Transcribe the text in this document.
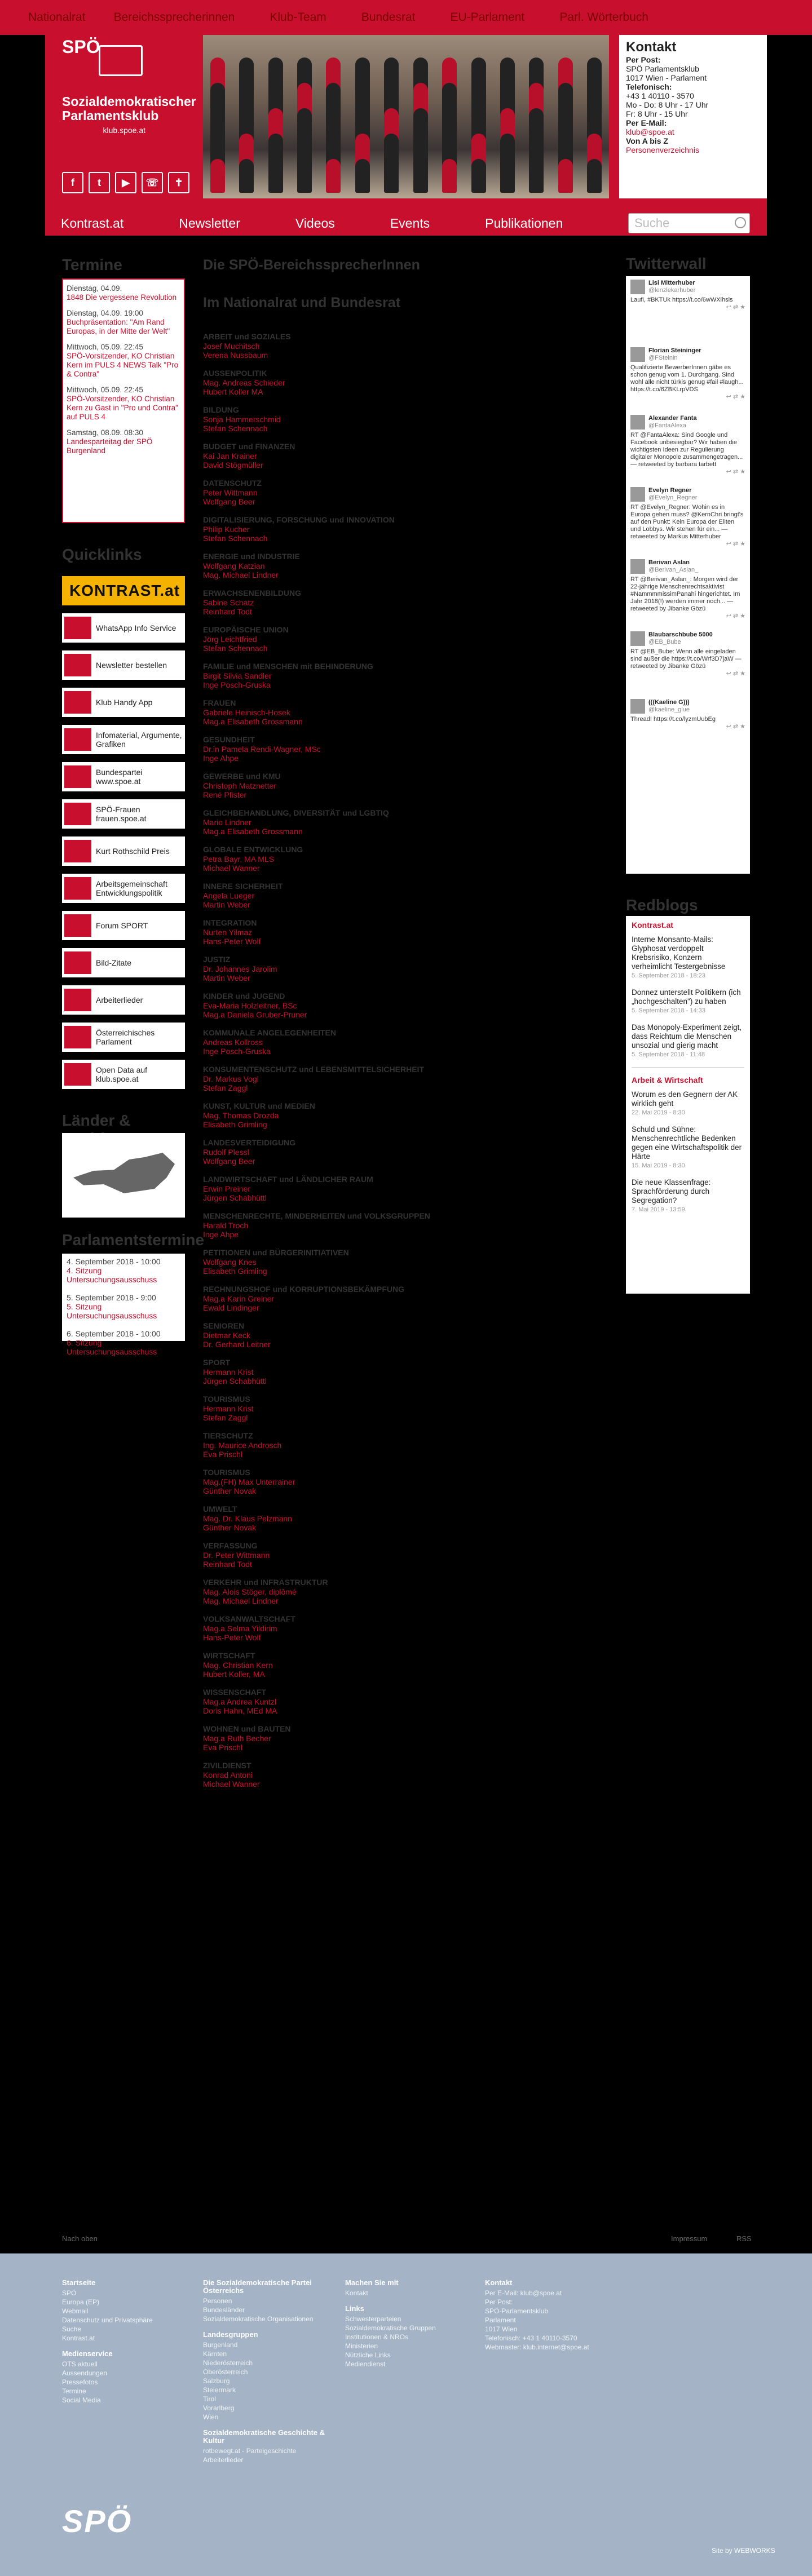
Nationalrat Bereichssprecherinnen	Klub-Team	Bundesrat	EU-Parlament	Parl. Wörterbuch
SPÖ
Sozialdemokratischer Parlamentsklub
klub.spoe.at
f	t	▶	☏	✝
Kontakt
Per Post:
SPÖ Parlamentsklub
1017 Wien - Parlament
Telefonisch:
+43 1 40110 - 3570
Mo - Do: 8 Uhr - 17 Uhr
Fr: 8 Uhr - 15 Uhr
Per E-Mail:
klub@spoe.at
Von A bis Z
Personenverzeichnis
Kontrast.at	Newsletter	Videos	Events	Publikationen	Suche
Termine
Dienstag, 04.09.
1848 Die vergessene Revolution
Dienstag, 04.09. 19:00
Buchpräsentation: "Am Rand Europas, in der Mitte der Welt"
Mittwoch, 05.09. 22:45
SPÖ-Vorsitzender, KO Christian Kern im PULS 4 NEWS Talk "Pro & Contra"
Mittwoch, 05.09. 22:45
SPÖ-Vorsitzender, KO Christian Kern zu Gast in "Pro und Contra" auf PULS 4
Samstag, 08.09. 08:30
Landesparteitag der SPÖ Burgenland
Quicklinks
KONTRAST.at
WhatsApp Info Service
Newsletter bestellen
Klub Handy App
Infomaterial, Argumente, Grafiken
Bundespartei www.spoe.at
SPÖ-Frauen frauen.spoe.at
Kurt Rothschild Preis
Arbeitsgemeinschaft Entwicklungspolitik
Forum SPORT
Bild-Zitate
Arbeiterlieder
Österreichisches Parlament
Open Data auf klub.spoe.at
Länder &
Parlamentstermine
4. September 2018 - 10:00
4. Sitzung Untersuchungsausschuss
5. September 2018 - 9:00
5. Sitzung Untersuchungsausschuss
6. September 2018 - 10:00
6. Sitzung Untersuchungsausschuss
Die SPÖ-BereichssprecherInnen
Im Nationalrat und Bundesrat
ARBEIT und SOZIALES
Josef Muchitsch
Verena Nussbaum
AUSSENPOLITIK
Mag. Andreas Schieder
Hubert Koller MA
BILDUNG
Sonja Hammerschmid
Stefan Schennach
BUDGET und FINANZEN
Kai Jan Krainer
David Stögmüller
DATENSCHUTZ
Peter Wittmann
Wolfgang Beer
DIGITALISIERUNG, FORSCHUNG und INNOVATION
Philip Kucher
Stefan Schennach
ENERGIE und INDUSTRIE
Wolfgang Katzian
Mag. Michael Lindner
ERWACHSENENBILDUNG
Sabine Schatz
Reinhard Todt
EUROPÄISCHE UNION
Jörg Leichtfried
Stefan Schennach
FAMILIE und MENSCHEN mit BEHINDERUNG
Birgit Silvia Sandler
Inge Posch-Gruska
FRAUEN
Gabriele Heinisch-Hosek
Mag.a Elisabeth Grossmann
GESUNDHEIT
Dr.in Pamela Rendi-Wagner, MSc
Inge Ahpe
GEWERBE und KMU
Christoph Matznetter
René Pfister
GLEICHBEHANDLUNG, DIVERSITÄT und LGBTIQ
Mario Lindner
Mag.a Elisabeth Grossmann
GLOBALE ENTWICKLUNG
Petra Bayr, MA MLS
Michael Wanner
INNERE SICHERHEIT
Angela Lueger
Martin Weber
INTEGRATION
Nurten Yilmaz
Hans-Peter Wolf
JUSTIZ
Dr. Johannes Jarolim
Martin Weber
KINDER und JUGEND
Eva-Maria Holzleitner, BSc
Mag.a Daniela Gruber-Pruner
KOMMUNALE ANGELEGENHEITEN
Andreas Kollross
Inge Posch-Gruska
KONSUMENTENSCHUTZ und LEBENSMITTELSICHERHEIT
Dr. Markus Vogl
Stefan Zaggl
KUNST, KULTUR und MEDIEN
Mag. Thomas Drozda
Elisabeth Grimling
LANDESVERTEIDIGUNG
Rudolf Plessl
Wolfgang Beer
LANDWIRTSCHAFT und LÄNDLICHER RAUM
Erwin Preiner
Jürgen Schabhüttl
MENSCHENRECHTE, MINDERHEITEN und VOLKSGRUPPEN
Harald Troch
Inge Ahpe
PETITIONEN und BÜRGERINITIATIVEN
Wolfgang Knes
Elisabeth Grimling
RECHNUNGSHOF und KORRUPTIONSBEKÄMPFUNG
Mag.a Karin Greiner
Ewald Lindinger
SENIOREN
Dietmar Keck
Dr. Gerhard Leitner
SPORT
Hermann Krist
Jürgen Schabhüttl
TOURISMUS
Hermann Krist
Stefan Zaggl
TIERSCHUTZ
Ing. Maurice Androsch
Eva Prischl
TOURISMUS
Mag.(FH) Max Unterrainer
Günther Novak
UMWELT
Mag. Dr. Klaus Pelzmann
Günther Novak
VERFASSUNG
Dr. Peter Wittmann
Reinhard Todt
VERKEHR und INFRASTRUKTUR
Mag. Alois Stöger, diplômé
Mag. Michael Lindner
VOLKSANWALTSCHAFT
Mag.a Selma Yildirim
Hans-Peter Wolf
WIRTSCHAFT
Mag. Christian Kern
Hubert Koller, MA
WISSENSCHAFT
Mag.a Andrea Kuntzl
Doris Hahn, MEd MA
WOHNEN und BAUTEN
Mag.a Ruth Becher
Eva Prischl
ZIVILDIENST
Konrad Antoni
Michael Wanner
Twitterwall
Lisi Mitterhuber
@lenzlekarhuber
Laufi, #BKTUk https://t.co/6wWXlhsls
↩ ⇄ ★
Florian Steininger
@FSteinin
Qualifizierte BewerberInnen gäbe es schon genug vom 1. Durchgang. Sind wohl alle nicht türkis genug #fail #laugh... https://t.co/6ZBKLrpVDS
↩ ⇄ ★
Alexander Fanta
@FantaAlexa
RT @FantaAlexa: Sind Google und Facebook unbesiegbar? Wir haben die wichtigsten Ideen zur Regulierung digitaler Monopole zusammengetragen... — retweeted by barbara tarbett
↩ ⇄ ★
Evelyn Regner
@Evelyn_Regner
RT @Evelyn_Regner: Wohin es in Europa gehen muss? @KernChri bringt's auf den Punkt: Kein Europa der Eliten und Lobbys. Wir stehen für ein... — retweeted by Markus Mitterhuber
↩ ⇄ ★
Berivan Aslan
@Berivan_Aslan_
RT @Berivan_Aslan_: Morgen wird der 22-jährige Menschenrechtsaktivist #NammmmissimPanahi hingerichtet. Im Jahr 2018(!) werden immer noch... — retweeted by Jibanke Gözü
↩ ⇄ ★
Blaubarschbube 5000
@EB_Bube
RT @EB_Bube: Wenn alle eingeladen sind außer die https://t.co/Wrf3D7jaW — retweeted by Jibanke Gözü
↩ ⇄ ★
(((Kaeline G)))
@kaeline_glue
Thread! https://t.co/lyzmUubEg
↩ ⇄ ★
Redblogs
Kontrast.at
Interne Monsanto-Mails: Glyphosat verdoppelt Krebsrisiko, Konzern verheimlicht Testergebnisse
5. September 2018 - 18:23
Donnez unterstellt Politikern (ich „hochgeschalten") zu haben
5. September 2018 - 14:33
Das Monopoly-Experiment zeigt, dass Reichtum die Menschen unsozial und gierig macht
5. September 2018 - 11:48
Arbeit & Wirtschaft
Worum es den Gegnern der AK wirklich geht
22. Mai 2019 - 8:30
Schuld und Sühne: Menschenrechtliche Bedenken gegen eine Wirtschaftspolitik der Härte
15. Mai 2019 - 8:30
Die neue Klassenfrage: Sprachförderung durch Segregation?
7. Mai 2019 - 13:59
Nach oben	Impressum	RSS
Startseite
SPÖ
Europa (EP)
Webmail
Datenschutz und Privatsphäre
Suche
Kontrast.at
Medienservice
OTS aktuell
Aussendungen
Pressefotos
Termine
Social Media
Die Sozialdemokratische Partei Österreichs
Personen
Bundesländer
Sozialdemokratische Organisationen
Landesgruppen
Burgenland
Kärnten
Niederösterreich
Oberösterreich
Salzburg
Steiermark
Tirol
Vorarlberg
Wien
Sozialdemokratische Geschichte & Kultur
rotbewegt.at - Parteigeschichte
Arbeiterlieder
Machen Sie mit
Kontakt
Links
Schwesterparteien
Sozialdemokratische Gruppen
Institutionen & NROs
Ministerien
Nützliche Links
Mediendienst
Kontakt
Per E-Mail: klub@spoe.at
Per Post:
SPÖ-Parlamentsklub
Parlament
1017 Wien
Telefonisch: +43 1 40110-3570
Webmaster: klub.internet@spoe.at
SPÖ
Site by WEBWORKS
